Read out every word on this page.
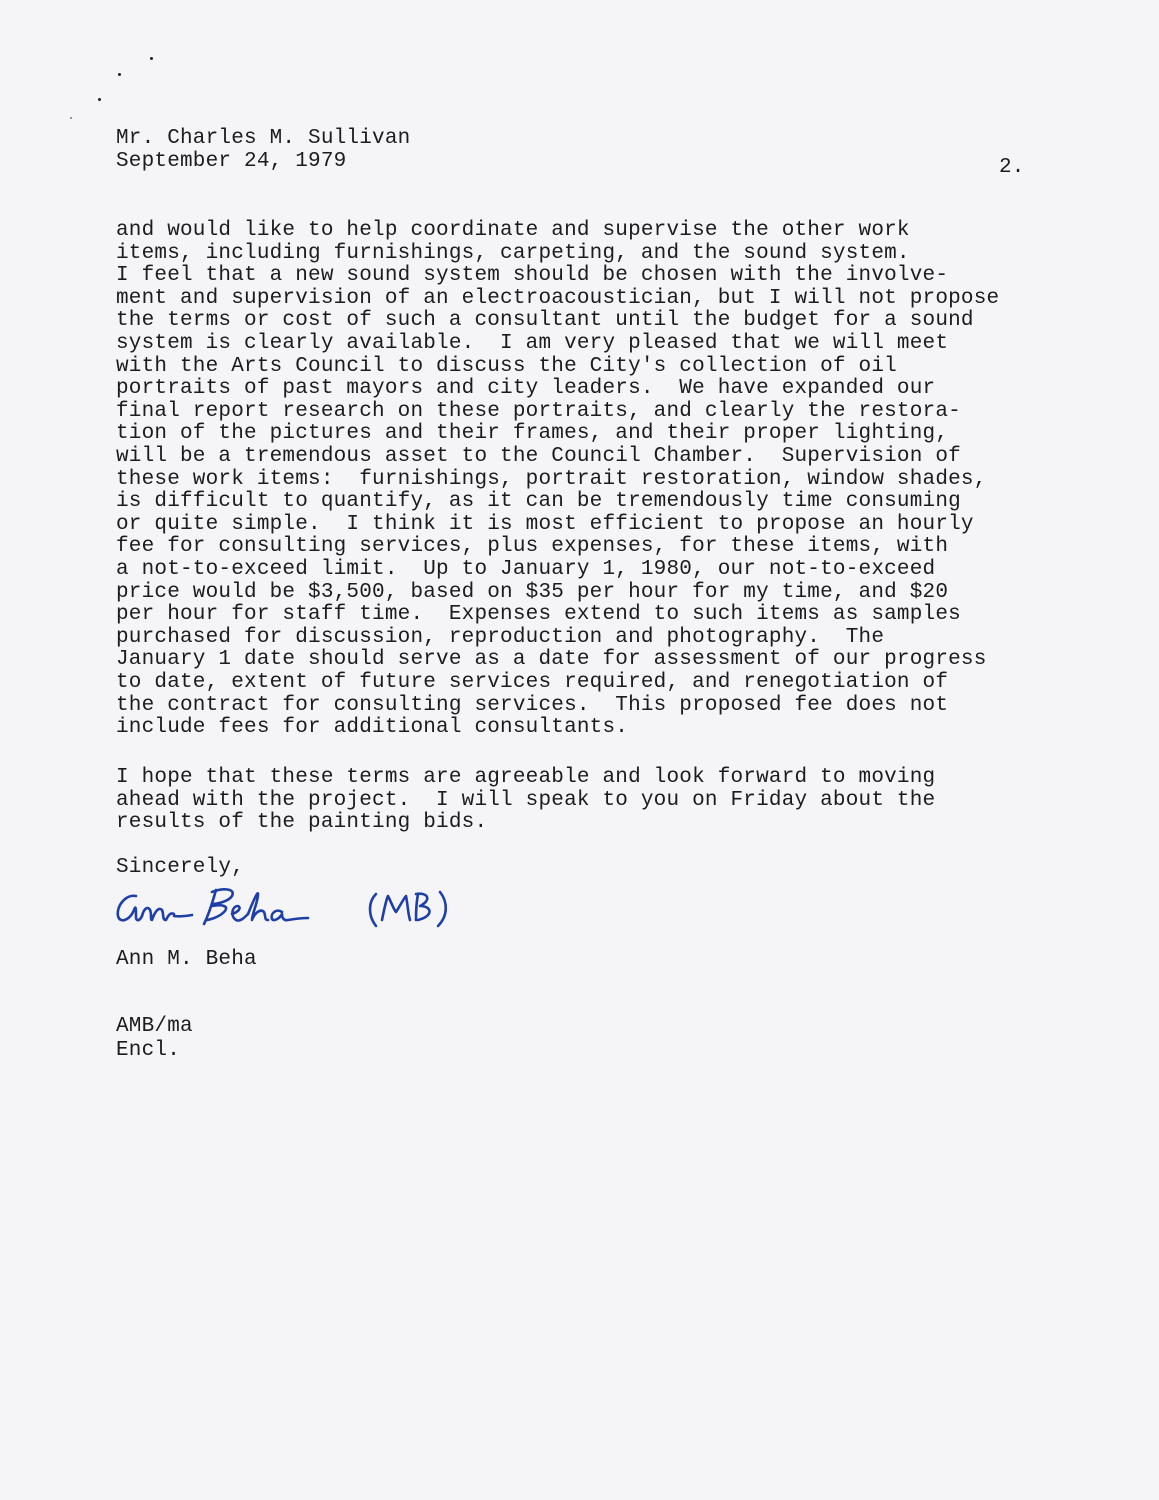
Mr. Charles M. Sullivan
September 24, 1979	2.
and would like to help coordinate and supervise the other work
items, including furnishings, carpeting, and the sound system.
I feel that a new sound system should be chosen with the involve-
ment and supervision of an electroacoustician, but I will not propose
the terms or cost of such a consultant until the budget for a sound
system is clearly available.  I am very pleased that we will meet
with the Arts Council to discuss the City's collection of oil
portraits of past mayors and city leaders.  We have expanded our
final report research on these portraits, and clearly the restora-
tion of the pictures and their frames, and their proper lighting,
will be a tremendous asset to the Council Chamber.  Supervision of
these work items:  furnishings, portrait restoration, window shades,
is difficult to quantify, as it can be tremendously time consuming
or quite simple.  I think it is most efficient to propose an hourly
fee for consulting services, plus expenses, for these items, with
a not-to-exceed limit.  Up to January 1, 1980, our not-to-exceed
price would be $3,500, based on $35 per hour for my time, and $20
per hour for staff time.  Expenses extend to such items as samples
purchased for discussion, reproduction and photography.  The
January 1 date should serve as a date for assessment of our progress
to date, extent of future services required, and renegotiation of
the contract for consulting services.  This proposed fee does not
include fees for additional consultants.
I hope that these terms are agreeable and look forward to moving
ahead with the project.  I will speak to you on Friday about the
results of the painting bids.
Sincerely,
Ann M. Beha
AMB/ma
Encl.
